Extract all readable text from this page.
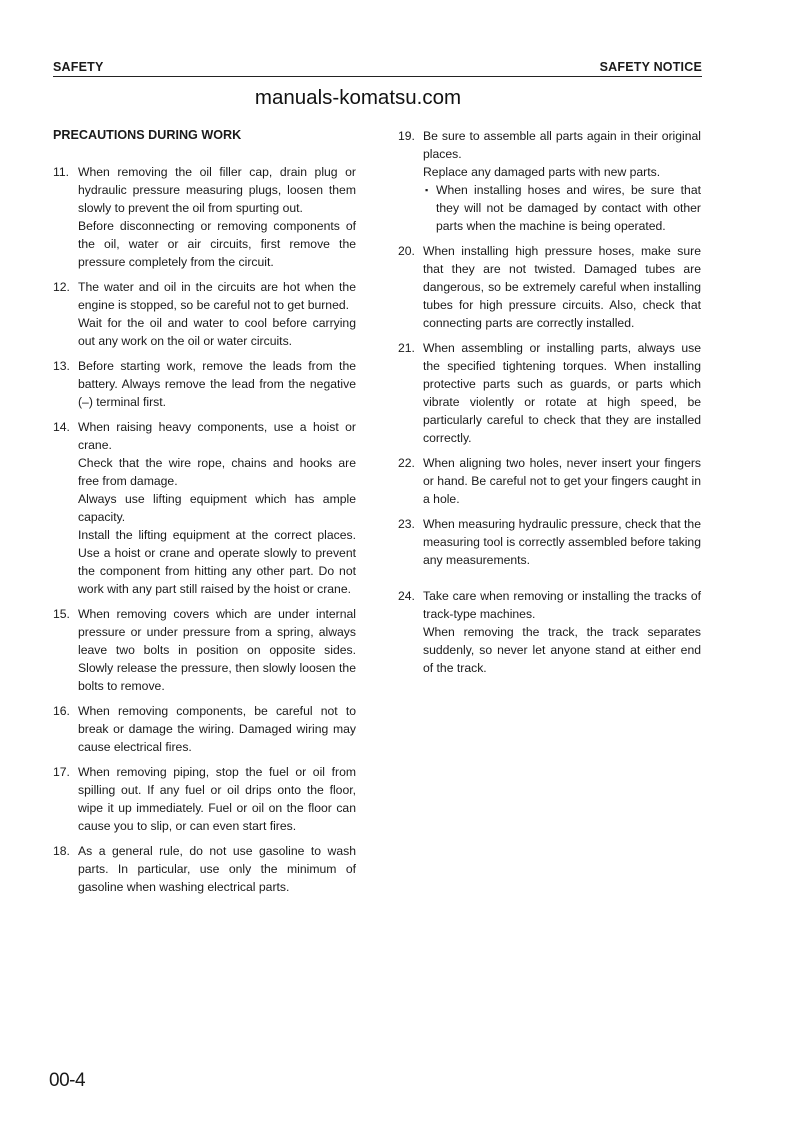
SAFETY	SAFETY NOTICE
manuals-komatsu.com
PRECAUTIONS DURING WORK
11. When removing the oil filler cap, drain plug or hydraulic pressure measuring plugs, loosen them slowly to prevent the oil from spurting out.

Before disconnecting or removing components of the oil, water or air circuits, first remove the pressure completely from the circuit.

12. The water and oil in the circuits are hot when the engine is stopped, so be careful not to get burned.

Wait for the oil and water to cool before carrying out any work on the oil or water circuits.

13. Before starting work, remove the leads from the battery. Always remove the lead from the negative (–) terminal first.

14. When raising heavy components, use a hoist or crane.

Check that the wire rope, chains and hooks are free from damage.

Always use lifting equipment which has ample capacity.

Install the lifting equipment at the correct places. Use a hoist or crane and operate slowly to prevent the component from hitting any other part. Do not work with any part still raised by the hoist or crane.

15. When removing covers which are under internal pressure or under pressure from a spring, always leave two bolts in position on opposite sides. Slowly release the pressure, then slowly loosen the bolts to remove.

16. When removing components, be careful not to break or damage the wiring. Damaged wiring may cause electrical fires.

17. When removing piping, stop the fuel or oil from spilling out. If any fuel or oil drips onto the floor, wipe it up immediately. Fuel or oil on the floor can cause you to slip, or can even start fires.

18. As a general rule, do not use gasoline to wash parts. In particular, use only the minimum of gasoline when washing electrical parts.

19. Be sure to assemble all parts again in their original places.

Replace any damaged parts with new parts.

▪ When installing hoses and wires, be sure that they will not be damaged by contact with other parts when the machine is being operated.

20. When installing high pressure hoses, make sure that they are not twisted. Damaged tubes are dangerous, so be extremely careful when installing tubes for high pressure circuits. Also, check that connecting parts are correctly installed.

21. When assembling or installing parts, always use the specified tightening torques. When installing protective parts such as guards, or parts which vibrate violently or rotate at high speed, be particularly careful to check that they are installed correctly.

22. When aligning two holes, never insert your fingers or hand. Be careful not to get your fingers caught in a hole.

23. When measuring hydraulic pressure, check that the measuring tool is correctly assembled before taking any measurements.

24. Take care when removing or installing the tracks of track-type machines.

When removing the track, the track separates suddenly, so never let anyone stand at either end of the track.

00-4
